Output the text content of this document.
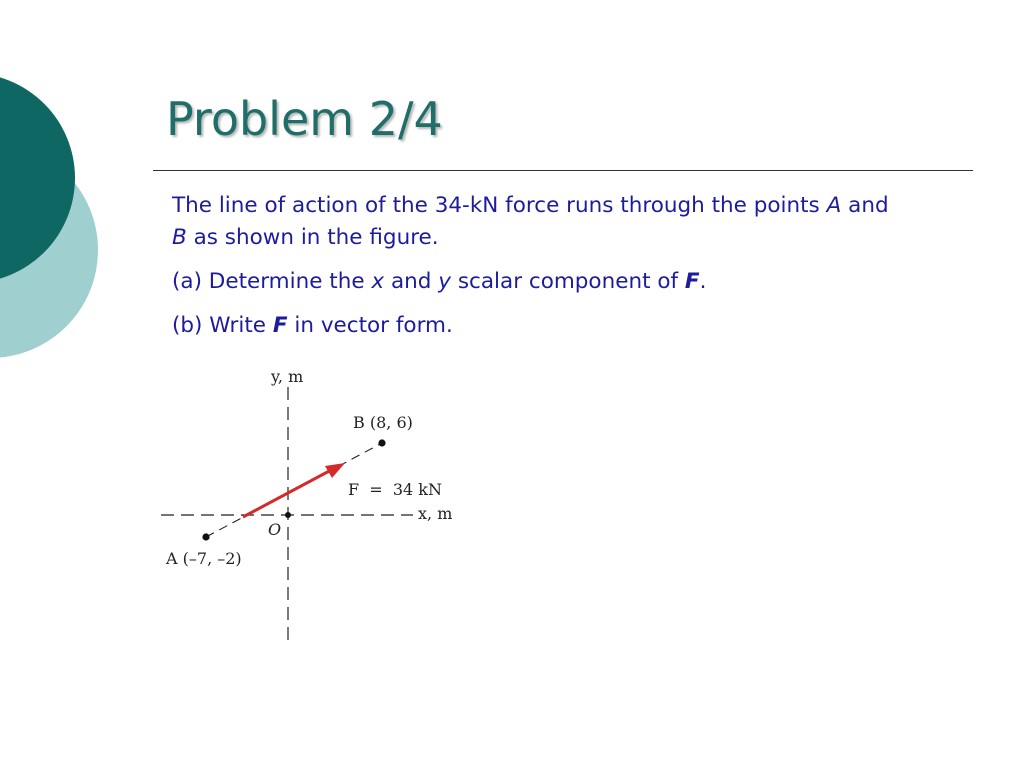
Problem 2/4

The line of action of the 34-kN force runs through the points A and
B as shown in the figure.

(a) Determine the x and y scalar component of F.

(b) Write F in vector form.

y, m
x, m
O
B (8, 6)
A (–7, –2)
F  =  34 kN
